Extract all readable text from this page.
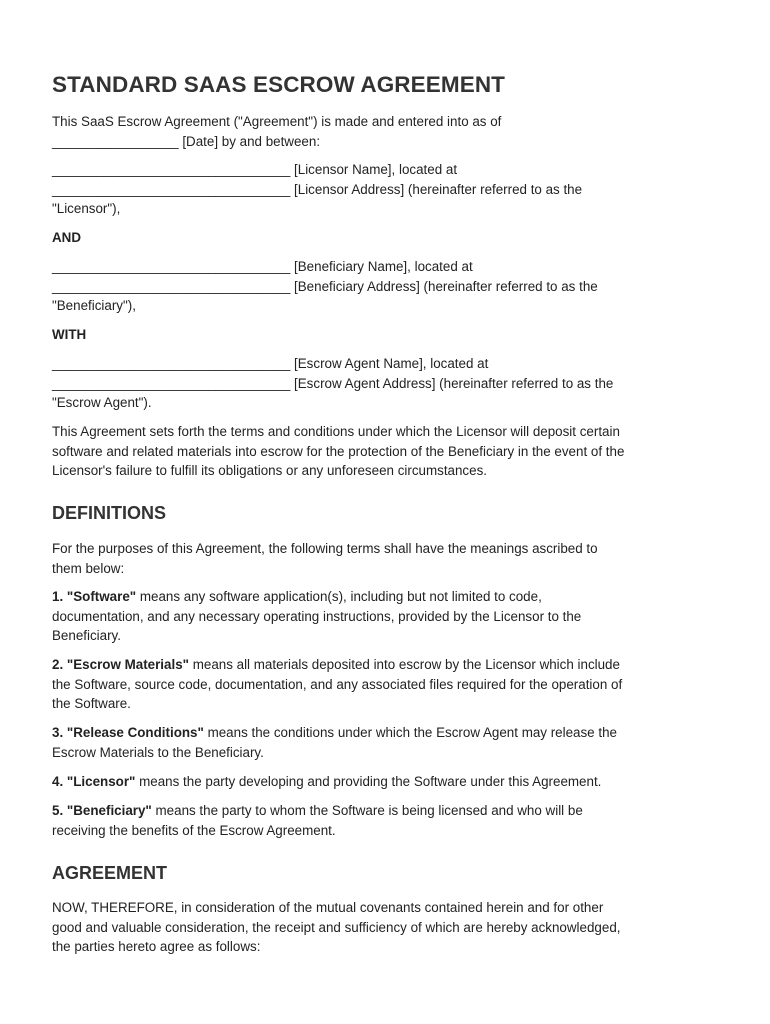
STANDARD SAAS ESCROW AGREEMENT

This SaaS Escrow Agreement ("Agreement") is made and entered into as of

_________________ [Date] by and between:

________________________________ [Licensor Name], located at

________________________________ [Licensor Address] (hereinafter referred to as the

"Licensor"),

AND

________________________________ [Beneficiary Name], located at

________________________________ [Beneficiary Address] (hereinafter referred to as the

"Beneficiary"),

WITH

________________________________ [Escrow Agent Name], located at

________________________________ [Escrow Agent Address] (hereinafter referred to as the

"Escrow Agent").

This Agreement sets forth the terms and conditions under which the Licensor will deposit certain

software and related materials into escrow for the protection of the Beneficiary in the event of the

Licensor's failure to fulfill its obligations or any unforeseen circumstances.

DEFINITIONS

For the purposes of this Agreement, the following terms shall have the meanings ascribed to

them below:

1. "Software" means any software application(s), including but not limited to code,

documentation, and any necessary operating instructions, provided by the Licensor to the

Beneficiary.

2. "Escrow Materials" means all materials deposited into escrow by the Licensor which include

the Software, source code, documentation, and any associated files required for the operation of

the Software.

3. "Release Conditions" means the conditions under which the Escrow Agent may release the

Escrow Materials to the Beneficiary.

4. "Licensor" means the party developing and providing the Software under this Agreement.

5. "Beneficiary" means the party to whom the Software is being licensed and who will be

receiving the benefits of the Escrow Agreement.

AGREEMENT

NOW, THEREFORE, in consideration of the mutual covenants contained herein and for other

good and valuable consideration, the receipt and sufficiency of which are hereby acknowledged,

the parties hereto agree as follows:
